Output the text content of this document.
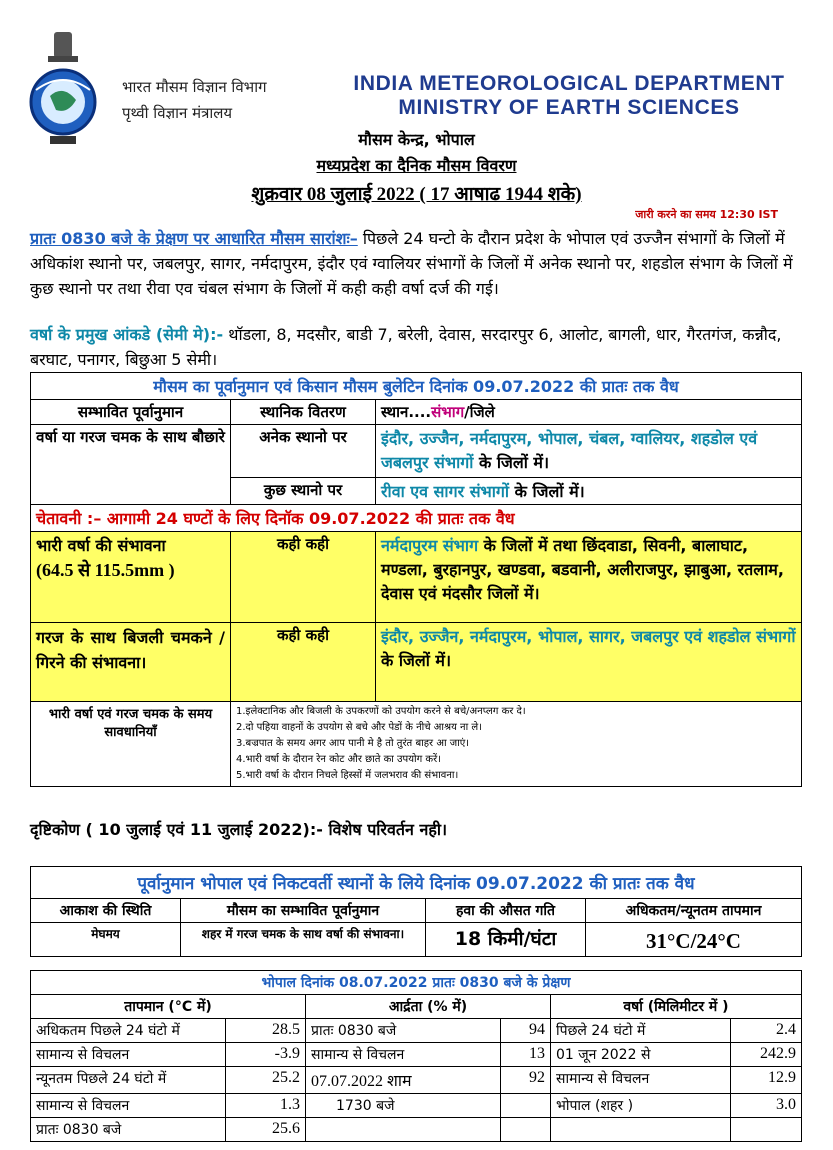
भारत मौसम विज्ञान विभाग
पृथ्वी विज्ञान मंत्रालय
INDIA METEOROLOGICAL DEPARTMENT
MINISTRY OF EARTH SCIENCES
मौसम केन्द्र, भोपाल
मध्यप्रदेश का दैनिक मौसम विवरण
शुक्रवार 08 जुलाई 2022 ( 17 आषाढ 1944 शके)
जारी करने का समय 12:30 IST
प्रातः 0830 बजे के प्रेक्षण पर आधारित मौसम सारांशः– पिछले 24 घन्टो के दौरान प्रदेश के भोपाल एवं उज्जैन संभागों के जिलों में अधिकांश स्थानो पर, जबलपुर, सागर, नर्मदापुरम, इंदौर एवं ग्वालियर संभागों के जिलों में अनेक स्थानो पर, शहडोल संभाग के जिलों में कुछ स्थानो पर तथा रीवा एव चंबल संभाग के जिलों में कही कही वर्षा दर्ज की गई।
वर्षा के प्रमुख आंकडे (सेमी मे):- थॉडला, 8, मदसौर, बाडी 7, बरेली, देवास, सरदारपुर 6, आलोट, बागली, धार, गैरतगंज, कन्नौद, बरघाट, पनागर, बिछुआ 5 सेमी।
मौसम का पूर्वानुमान एवं किसान मौसम बुलेटिन दिनांक 09.07.2022 की प्रातः तक वैध		
सम्भावित पूर्वानुमान	स्थानिक वितरण	स्थान....संभाग/जिले
वर्षा या गरज चमक के साथ बौछारे	अनेक स्थानो पर	इंदौर, उज्जैन, नर्मदापुरम, भोपाल, चंबल, ग्वालियर, शहडोल एवं जबलपुर संभागों के जिलों में।
	कुछ स्थानो पर	रीवा एव सागर संभागों के जिलों में।
चेतावनी :– आगामी 24 घण्टों के लिए दिनॉक 09.07.2022 की प्रातः तक वैध		

भारी वर्षा की संभावना
(64.5 से 115.5mm )	कही कही	नर्मदापुरम संभाग के जिलों में तथा छिंदवाडा, सिवनी, बालाघाट, मण्डला, बुरहानपुर, खण्डवा, बडवानी, अलीराजपुर, झाबुआ, रतलाम, देवास एवं मंदसौर जिलों में।
गरज के साथ बिजली चमकने / गिरने की संभावना।	कही कही	इंदौर, उज्जैन, नर्मदापुरम, भोपाल, सागर, जबलपुर एवं शहडोल संभागों के जिलों में।
भारी वर्षा एवं गरज चमक के समय सावधानियाँ	1.इलेक्टानिक और बिजली के उपकरणों को उपयोग करने से बचे/अनप्लग कर दे।
2.दो पहिया वाहनों के उपयोग से बचे और पेडों के नीचे आश्रय ना ले।
3.बज्रपात के समय अगर आप पानी मे है तो तुरंत बाहर आ जाएं।
4.भारी वर्षा के दौरान रेन कोट और छाते का उपयोग करें।
5.भारी वर्षा के दौरान निचले हिस्सों में जलभराव की संभावना।	
दृष्टिकोण ( 10 जुलाई एवं 11 जुलाई 2022):- विशेष परिवर्तन नही।
पूर्वानुमान भोपाल एवं निकटवर्ती स्थानों के लिये दिनांक 09.07.2022 की प्रातः तक वैध			
आकाश की स्थिति	मौसम का सम्भावित पूर्वानुमान	हवा की औसत गति	अधिकतम/न्यूनतम तापमान
मेघमय	शहर में गरज चमक के साथ वर्षा की संभावना।	18 किमी/घंटा	31°C/24°C
भोपाल दिनांक 08.07.2022 प्रातः 0830 बजे के प्रेक्षण					
तापमान (°C में)		आर्द्रता (% में)		वर्षा (मिलिमीटर में )	
अधिकतम पिछले 24 घंटो में	28.5	प्रातः 0830 बजे	94	पिछले 24 घंटो में	2.4
सामान्य से विचलन	-3.9	सामान्य से विचलन	13	01 जून 2022 से	242.9
न्यूनतम पिछले 24 घंटो में	25.2	07.07.2022 शाम	92	सामान्य से विचलन	12.9
सामान्य से विचलन	1.3	1730 बजे		भोपाल (शहर )	3.0
प्रातः 0830 बजे	25.6				
